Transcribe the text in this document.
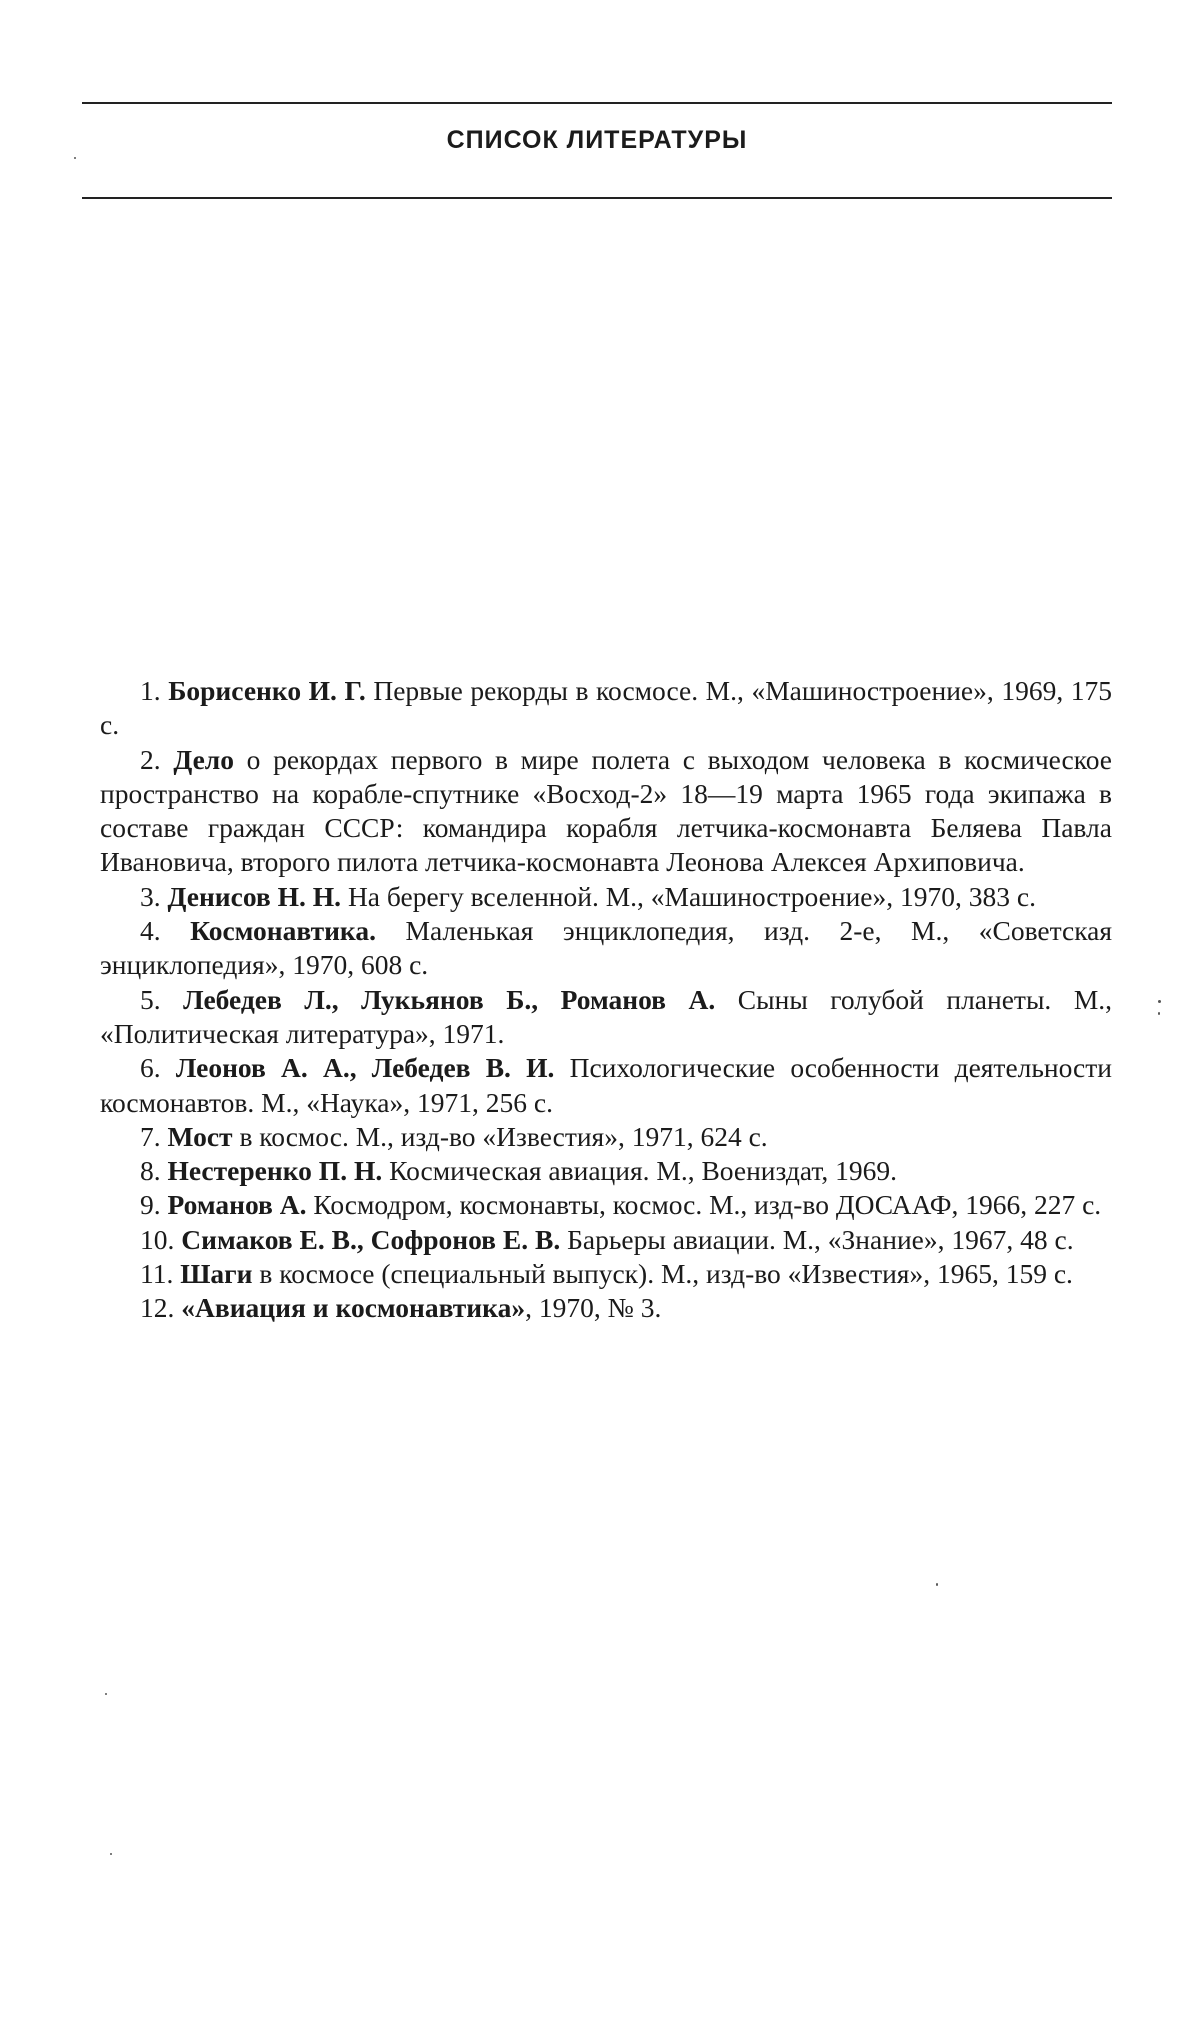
СПИСОК ЛИТЕРАТУРЫ

1. Борисенко И. Г. Первые рекорды в космосе. М., «Машиностроение», 1969, 175 с.

2. Дело о рекордах первого в мире полета с выходом человека в космическое пространство на корабле-спутнике «Восход-2» 18—19 марта 1965 года экипажа в составе граждан СССР: командира корабля летчика-космонавта Беляева Павла Ивановича, второго пилота летчика-космонавта Леонова Алексея Архиповича.

3. Денисов Н. Н. На берегу вселенной. М., «Машиностроение», 1970, 383 с.

4. Космонавтика. Маленькая энциклопедия, изд. 2-е, М., «Советская энциклопедия», 1970, 608 с.

5. Лебедев Л., Лукьянов Б., Романов А. Сыны голубой планеты. М., «Политическая литература», 1971.

6. Леонов А. А., Лебедев В. И. Психологические особенности деятельности космонавтов. М., «Наука», 1971, 256 с.

7. Мост в космос. М., изд-во «Известия», 1971, 624 с.

8. Нестеренко П. Н. Космическая авиация. М., Воениздат, 1969.

9. Романов А. Космодром, космонавты, космос. М., изд-во ДОСААФ, 1966, 227 с.

10. Симаков Е. В., Софронов Е. В. Барьеры авиации. М., «Знание», 1967, 48 с.

11. Шаги в космосе (специальный выпуск). М., изд-во «Известия», 1965, 159 с.

12. «Авиация и космонавтика», 1970, № 3.
